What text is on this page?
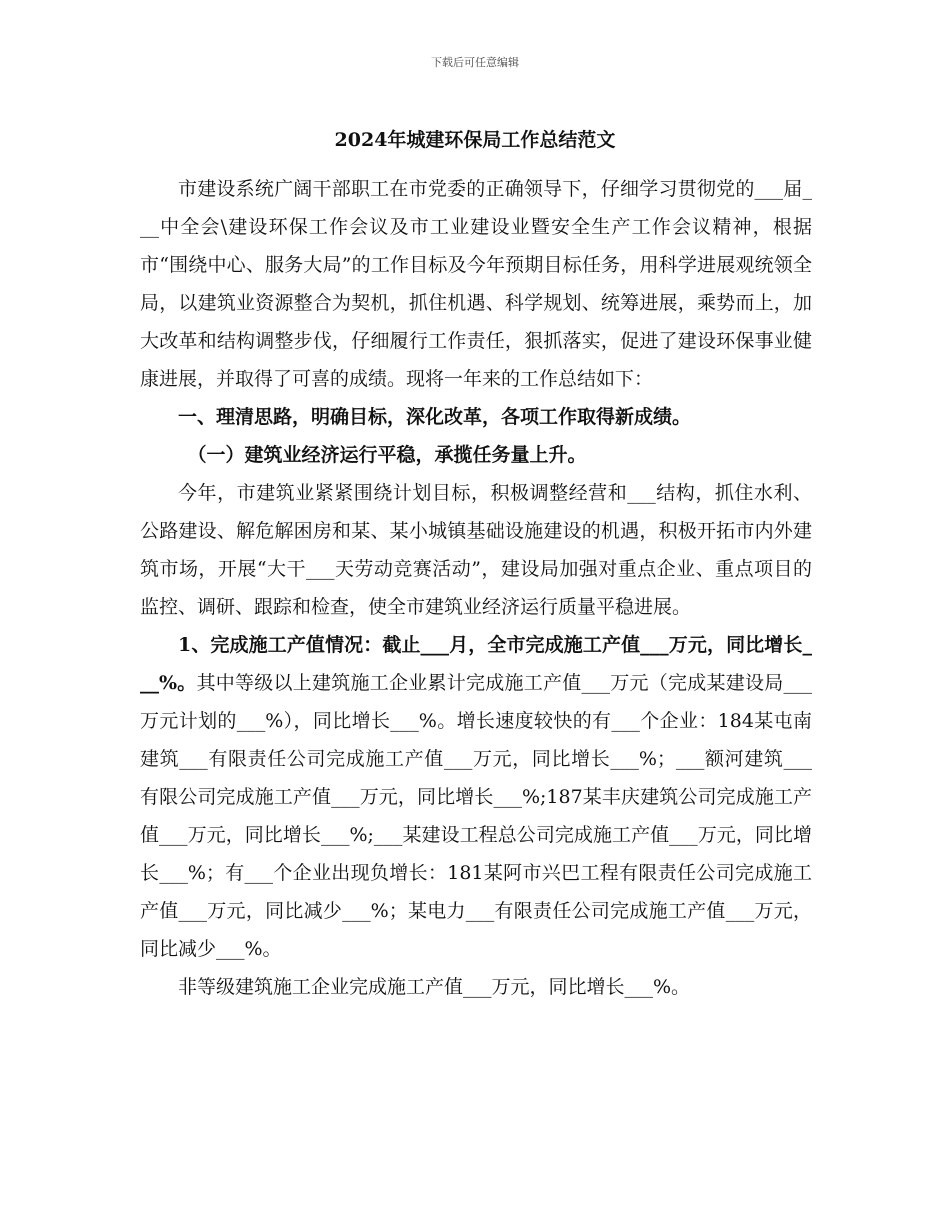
下载后可任意编辑
2024年城建环保局工作总结范文

市建设系统广阔干部职工在市党委的正确领导下，仔细学习贯彻党的___届___中全会\建设环保工作会议及市工业建设业暨安全生产工作会议精神，根据市“围绕中心、服务大局”的工作目标及今年预期目标任务，用科学进展观统领全局，以建筑业资源整合为契机，抓住机遇、科学规划、统筹进展，乘势而上，加大改革和结构调整步伐，仔细履行工作责任，狠抓落实，促进了建设环保事业健康进展，并取得了可喜的成绩。现将一年来的工作总结如下：

一、理清思路，明确目标，深化改革，各项工作取得新成绩。

（一）建筑业经济运行平稳，承揽任务量上升。

今年，市建筑业紧紧围绕计划目标，积极调整经营和___结构，抓住水利、公路建设、解危解困房和某、某小城镇基础设施建设的机遇，积极开拓市内外建筑市场，开展“大干___天劳动竞赛活动”，建设局加强对重点企业、重点项目的监控、调研、跟踪和检查，使全市建筑业经济运行质量平稳进展。

1、完成施工产值情况：截止___月，全市完成施工产值___万元，同比增长___%。其中等级以上建筑施工企业累计完成施工产值___万元（完成某建设局___万元计划的___%），同比增长___%。增长速度较快的有___个企业：184某屯南建筑___有限责任公司完成施工产值___万元，同比增长___%；___额河建筑___有限公司完成施工产值___万元，同比增长___%;187某丰庆建筑公司完成施工产值___万元，同比增长___%;___某建设工程总公司完成施工产值___万元，同比增长___%；有___个企业出现负增长：181某阿市兴巴工程有限责任公司完成施工产值___万元，同比减少___%；某电力___有限责任公司完成施工产值___万元，同比减少___%。

非等级建筑施工企业完成施工产值___万元，同比增长___%。
